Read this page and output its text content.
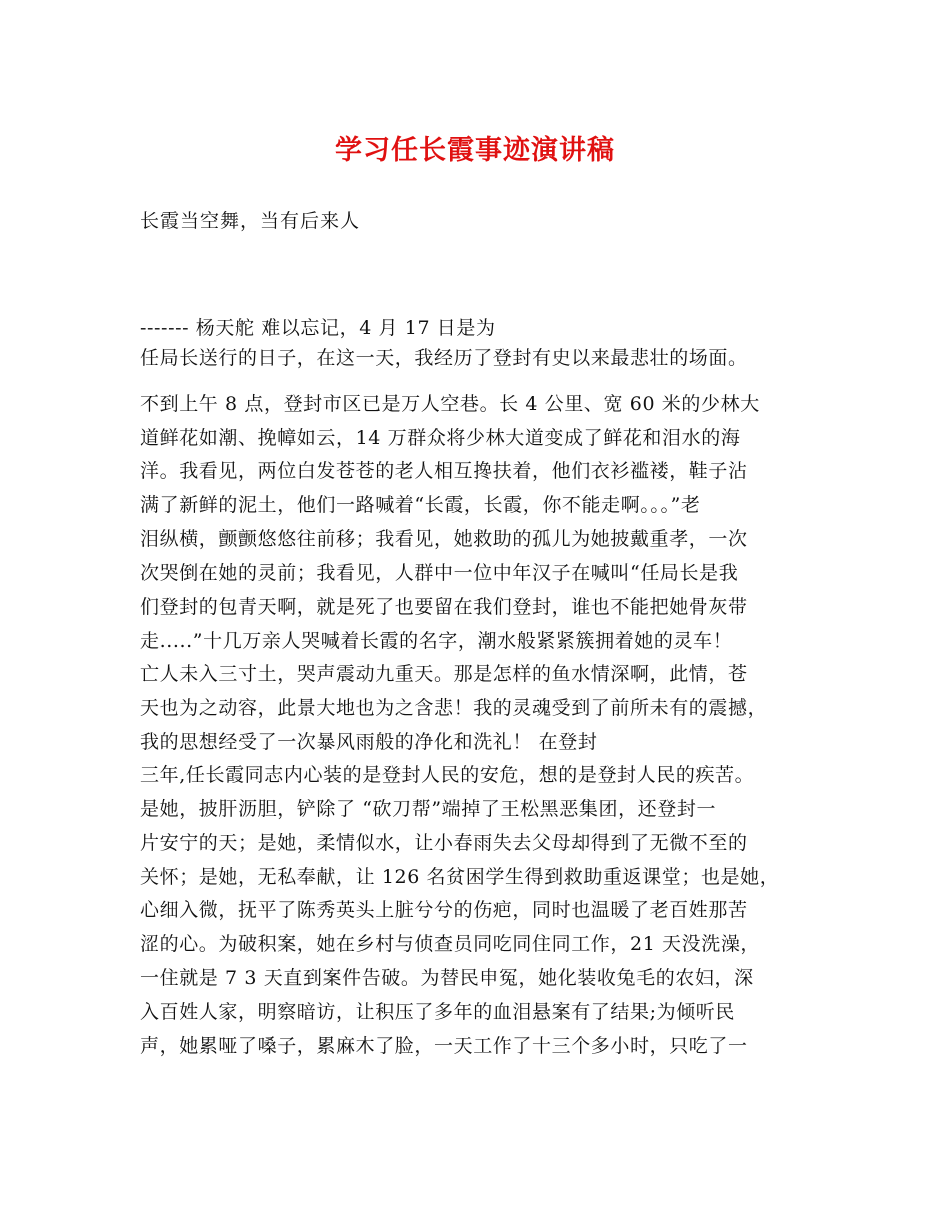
学习任长霞事迹演讲稿
长霞当空舞，当有后来人
------- 杨天舵 难以忘记，4 月 17 日是为
任局长送行的日子，在这一天，我经历了登封有史以来最悲壮的场面。
不到上午 8 点，登封市区已是万人空巷。长 4 公里、宽 60 米的少林大
道鲜花如潮、挽幛如云，14 万群众将少林大道变成了鲜花和泪水的海
洋。我看见，两位白发苍苍的老人相互搀扶着，他们衣衫褴褛，鞋子沾
满了新鲜的泥土，他们一路喊着“长霞，长霞，你不能走啊。。。”老
泪纵横，颤颤悠悠往前移；我看见，她救助的孤儿为她披戴重孝，一次
次哭倒在她的灵前；我看见，人群中一位中年汉子在喊叫“任局长是我
们登封的包青天啊，就是死了也要留在我们登封，谁也不能把她骨灰带
走.....”十几万亲人哭喊着长霞的名字，潮水般紧紧簇拥着她的灵车！
亡人未入三寸土，哭声震动九重天。那是怎样的鱼水情深啊，此情，苍
天也为之动容，此景大地也为之含悲！我的灵魂受到了前所未有的震撼，
我的思想经受了一次暴风雨般的净化和洗礼！ 在登封
三年,任长霞同志内心装的是登封人民的安危，想的是登封人民的疾苦。
是她，披肝沥胆，铲除了 “砍刀帮”端掉了王松黑恶集团，还登封一
片安宁的天；是她，柔情似水，让小春雨失去父母却得到了无微不至的
关怀；是她，无私奉献，让 126 名贫困学生得到救助重返课堂；也是她，
心细入微，抚平了陈秀英头上脏兮兮的伤疤，同时也温暖了老百姓那苦
涩的心。为破积案，她在乡村与侦查员同吃同住同工作，21 天没洗澡，
一住就是 7 3 天直到案件告破。为替民申冤，她化装收兔毛的农妇，深
入百姓人家，明察暗访，让积压了多年的血泪悬案有了结果;为倾听民
声，她累哑了嗓子，累麻木了脸，一天工作了十三个多小时，只吃了一
